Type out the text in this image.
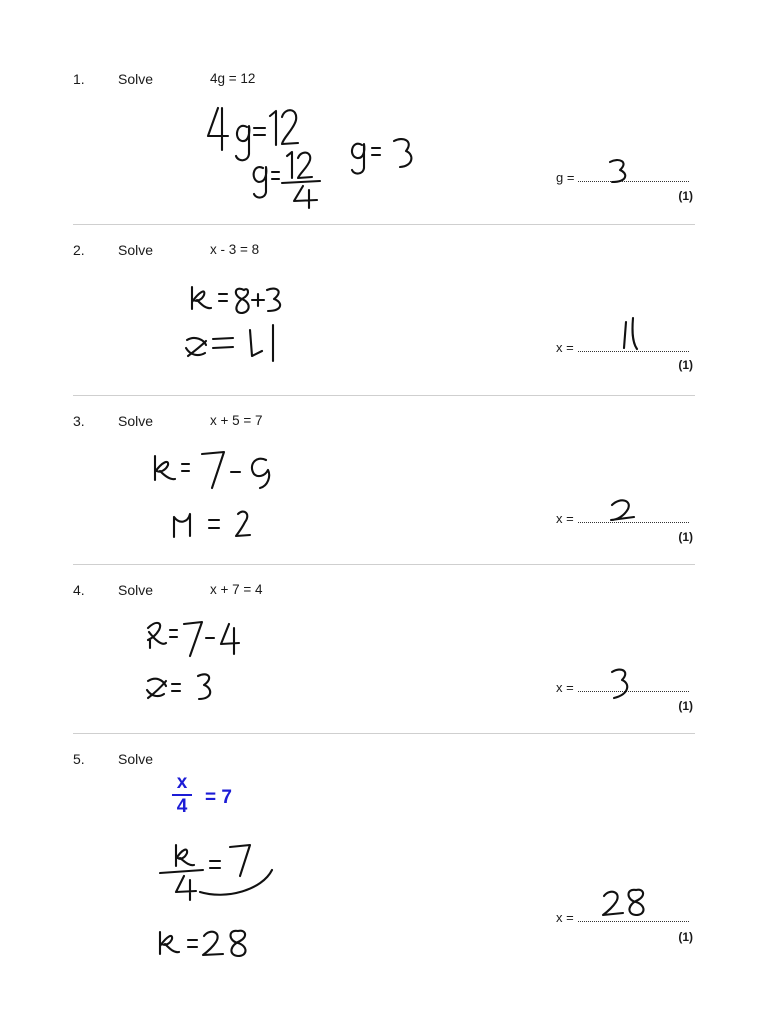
1. Solve	4g = 12
g =
(1)
2. Solve	x - 3 = 8
x =
(1)
3. Solve	x + 5 = 7
x =
(1)
4. Solve	x + 7 = 4
x =
(1)
5. Solve
x
4 = 7
x =
(1)
